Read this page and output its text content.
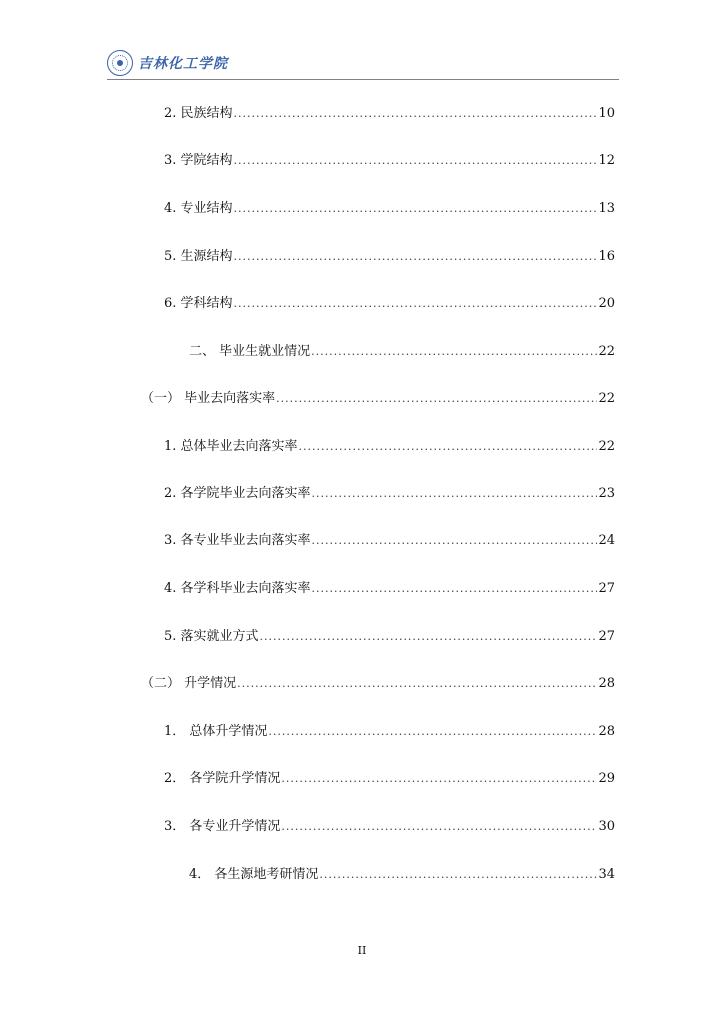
吉林化工学院
2. 民族结构 .....	10
3. 学院结构 .....	12
4. 专业结构 .....	13
5. 生源结构 .....	16
6. 学科结构 .....	20
二、 毕业生就业情况 .....	22
（一） 毕业去向落实率 .....	22
1. 总体毕业去向落实率 .....	22
2. 各学院毕业去向落实率 .....	23
3. 各专业毕业去向落实率 .....	24
4. 各学科毕业去向落实率 .....	27
5. 落实就业方式 .....	27
（二） 升学情况 .....	28
1． 总体升学情况 .....	28
2． 各学院升学情况 .....	29
3． 各专业升学情况 .....	30
4． 各生源地考研情况 .....	34
II
